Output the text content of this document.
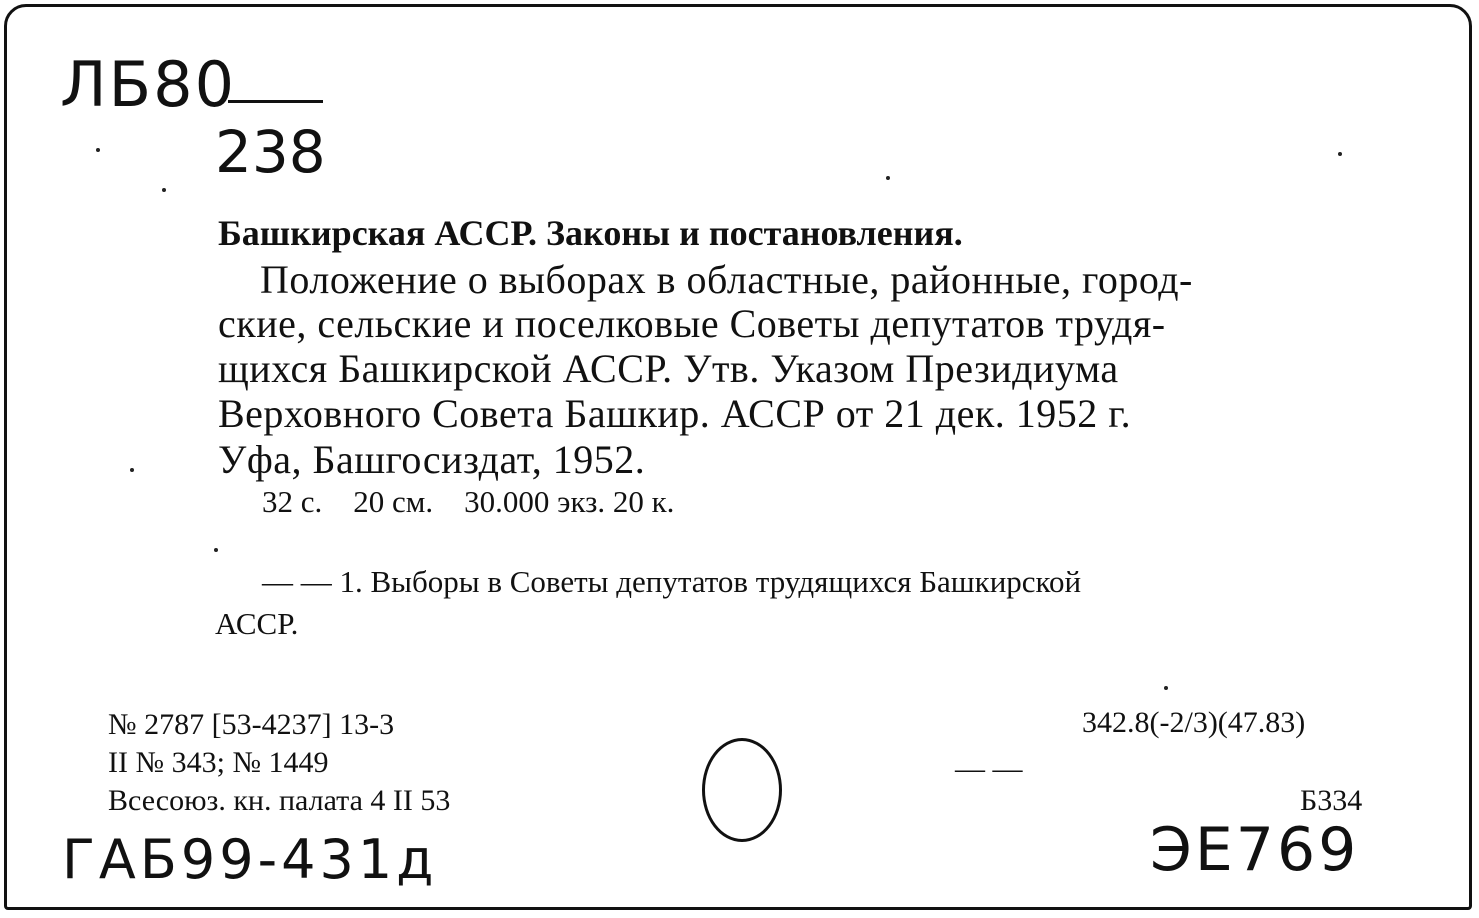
ЛБ80
238
Башкирская АССР. Законы и постановления.
Положение о выборах в областные, районные, город-
ские, сельские и поселковые Советы депутатов трудя-
щихся Башкирской АССР. Утв. Указом Президиума
Верховного Совета Башкир. АССР от 21 дек. 1952 г.
Уфа, Башгосиздат, 1952.
32 с.    20 см.    30.000 экз. 20 к.
— — 1. Выборы в Советы депутатов трудящихся Башкирской
АССР.
№ 2787 [53-4237] 13-3
II № 343; № 1449
Всесоюз. кн. палата 4 II 53
342.8(-2/3)(47.83)
— —
Б334
ГАБ99-431д	ЭЕ769
